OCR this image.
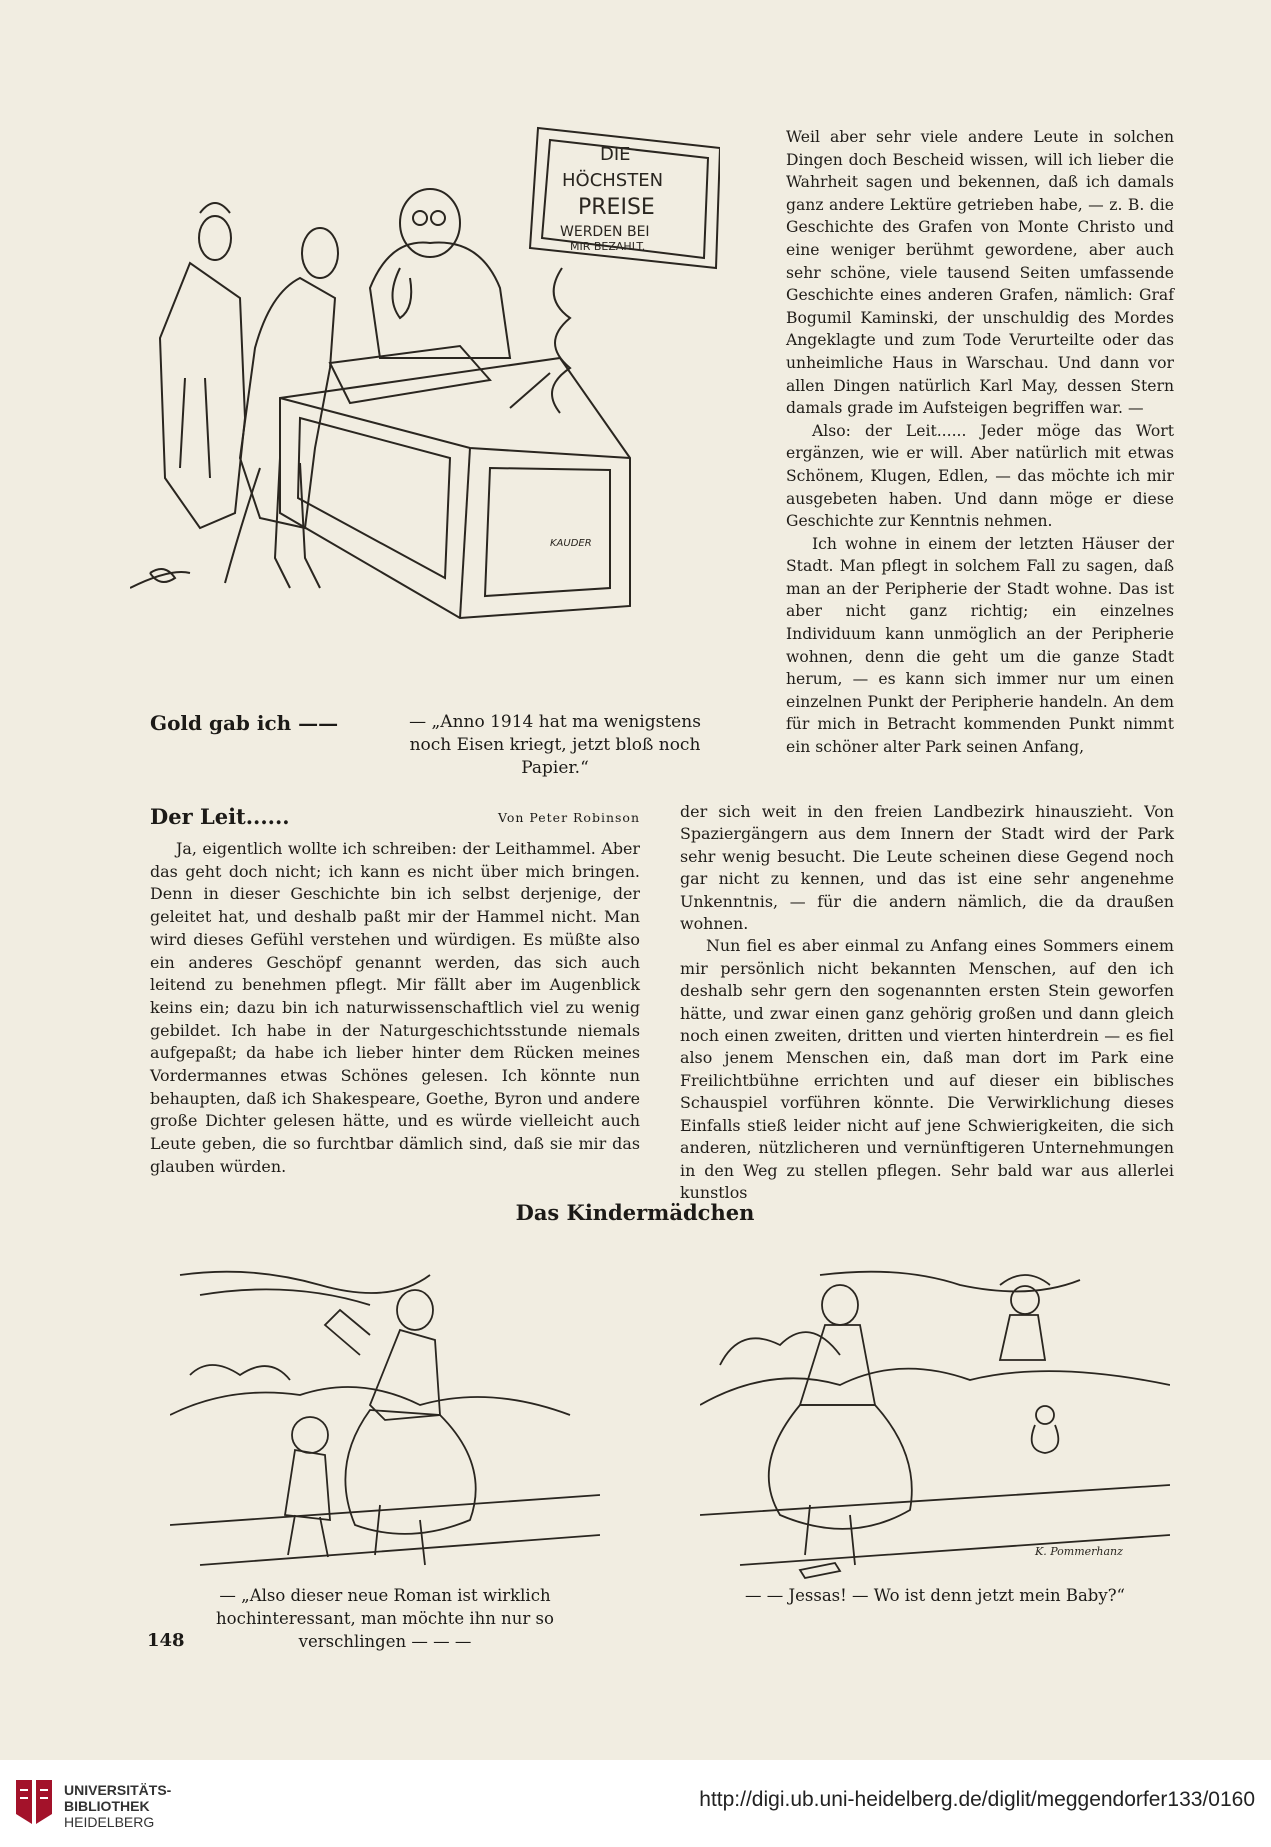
DIE
HÖCHSTEN
PREISE
WERDEN BEI
MIR BEZAHLT.
KAUDER
Gold gab ich ——	— „Anno 1914 hat ma wenigstens noch Eisen kriegt, jetzt bloß noch Papier.“
Der Leit......	Von Peter Robinson

Ja, eigentlich wollte ich schreiben: der Leithammel. Aber das geht doch nicht; ich kann es nicht über mich bringen. Denn in dieser Geschichte bin ich selbst derjenige, der geleitet hat, und deshalb paßt mir der Hammel nicht. Man wird dieses Gefühl verstehen und würdigen. Es müßte also ein anderes Geschöpf genannt werden, das sich auch leitend zu benehmen pflegt. Mir fällt aber im Augenblick keins ein; dazu bin ich naturwissenschaftlich viel zu wenig gebildet. Ich habe in der Naturgeschichtsstunde niemals aufgepaßt; da habe ich lieber hinter dem Rücken meines Vordermannes etwas Schönes gelesen. Ich könnte nun behaupten, daß ich Shakespeare, Goethe, Byron und andere große Dichter gelesen hätte, und es würde vielleicht auch Leute geben, die so furchtbar dämlich sind, daß sie mir das glauben würden.

Weil aber sehr viele andere Leute in solchen Dingen doch Bescheid wissen, will ich lieber die Wahrheit sagen und bekennen, daß ich damals ganz andere Lektüre getrieben habe, — z. B. die Geschichte des Grafen von Monte Christo und eine weniger berühmt gewordene, aber auch sehr schöne, viele tausend Seiten umfassende Geschichte eines anderen Grafen, nämlich: Graf Bogumil Kaminski, der unschuldig des Mordes Angeklagte und zum Tode Verurteilte oder das unheimliche Haus in Warschau. Und dann vor allen Dingen natürlich Karl May, dessen Stern damals grade im Aufsteigen begriffen war. —

Also: der Leit...... Jeder möge das Wort ergänzen, wie er will. Aber natürlich mit etwas Schönem, Klugen, Edlen, — das möchte ich mir ausgebeten haben. Und dann möge er diese Geschichte zur Kenntnis nehmen.

Ich wohne in einem der letzten Häuser der Stadt. Man pflegt in solchem Fall zu sagen, daß man an der Peripherie der Stadt wohne. Das ist aber nicht ganz richtig; ein einzelnes Individuum kann unmöglich an der Peripherie wohnen, denn die geht um die ganze Stadt herum, — es kann sich immer nur um einen einzelnen Punkt der Peripherie handeln. An dem für mich in Betracht kommenden Punkt nimmt ein schöner alter Park seinen Anfang,

der sich weit in den freien Landbezirk hinauszieht. Von Spaziergängern aus dem Innern der Stadt wird der Park sehr wenig besucht. Die Leute scheinen diese Gegend noch gar nicht zu kennen, und das ist eine sehr angenehme Unkenntnis, — für die andern nämlich, die da draußen wohnen.

Nun fiel es aber einmal zu Anfang eines Sommers einem mir persönlich nicht bekannten Menschen, auf den ich deshalb sehr gern den sogenannten ersten Stein geworfen hätte, und zwar einen ganz gehörig großen und dann gleich noch einen zweiten, dritten und vierten hinterdrein — es fiel also jenem Menschen ein, daß man dort im Park eine Freilichtbühne errichten und auf dieser ein biblisches Schauspiel vorführen könnte. Die Verwirklichung dieses Einfalls stieß leider nicht auf jene Schwierigkeiten, die sich anderen, nützlicheren und vernünftigeren Unternehmungen in den Weg zu stellen pflegen. Sehr bald war aus allerlei kunstlos

Das Kindermädchen
K. Pommerhanz
— „Also dieser neue Roman ist wirklich hochinteressant, man möchte ihn nur so verschlingen — — —
— — Jessas! — Wo ist denn jetzt mein Baby?“
148
UNIVERSITÄTS-
BIBLIOTHEK
HEIDELBERG
http://digi.ub.uni-heidelberg.de/diglit/meggendorfer133/0160
